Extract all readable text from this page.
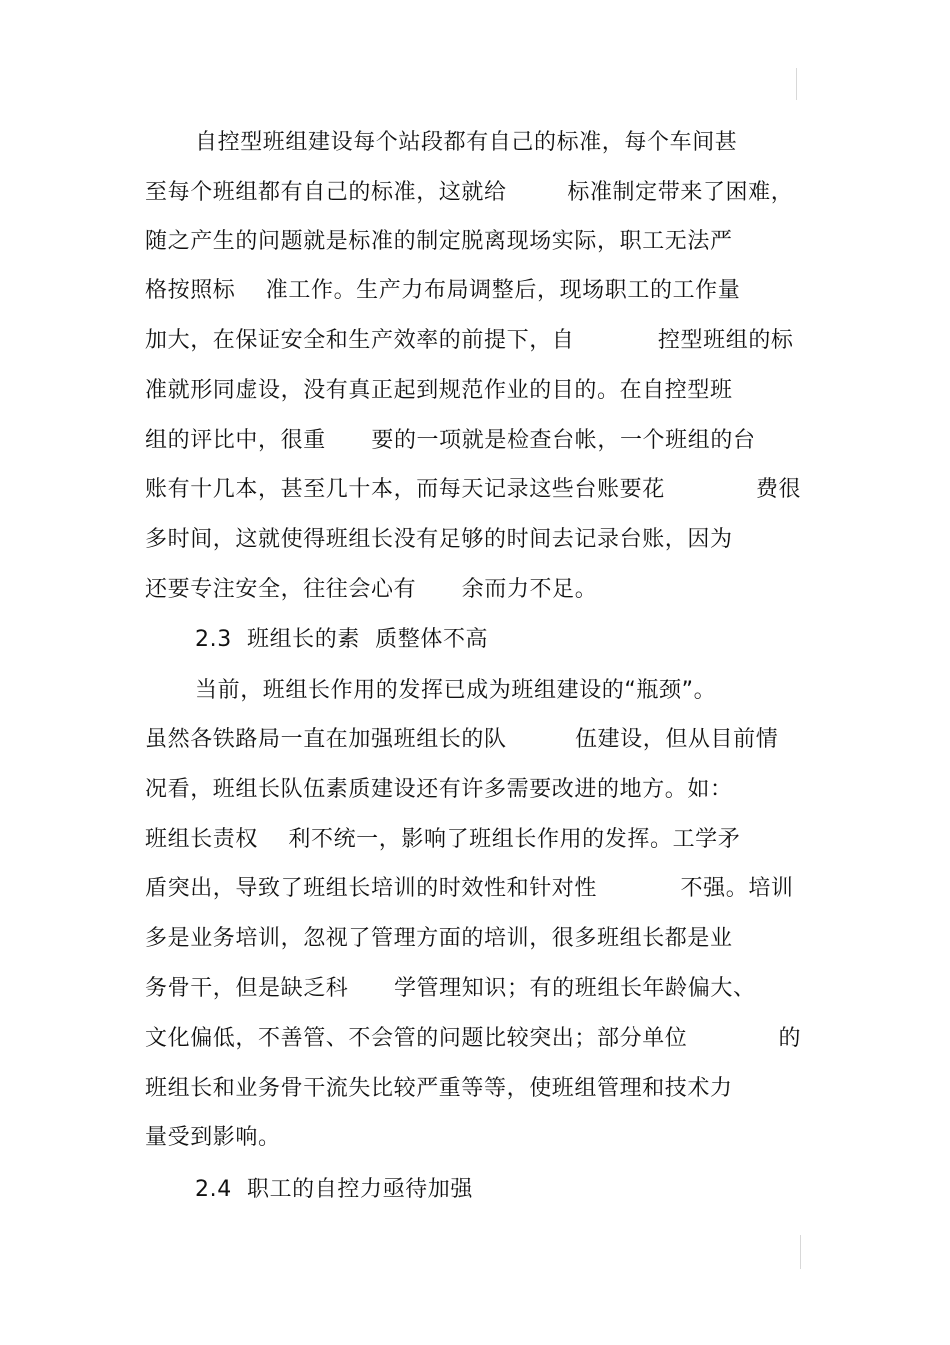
自控型班组建设每个站段都有自己的标准，每个车间甚
至每个班组都有自己的标准，这就给        标准制定带来了困难，
随之产生的问题就是标准的制定脱离现场实际，职工无法严
格按照标    准工作。生产力布局调整后，现场职工的工作量
加大，在保证安全和生产效率的前提下，自           控型班组的标
准就形同虚设，没有真正起到规范作业的目的。在自控型班
组的评比中，很重      要的一项就是检查台帐，一个班组的台
账有十几本，甚至几十本，而每天记录这些台账要花            费很
多时间，这就使得班组长没有足够的时间去记录台账，因为
还要专注安全，往往会心有      余而力不足。
2.3  班组长的素  质整体不高
当前，班组长作用的发挥已成为班组建设的“瓶颈”。
虽然各铁路局一直在加强班组长的队         伍建设，但从目前情
况看，班组长队伍素质建设还有许多需要改进的地方。如：
班组长责权    利不统一，影响了班组长作用的发挥。工学矛
盾突出，导致了班组长培训的时效性和针对性           不强。培训
多是业务培训，忽视了管理方面的培训，很多班组长都是业
务骨干，但是缺乏科      学管理知识；有的班组长年龄偏大、
文化偏低，不善管、不会管的问题比较突出；部分单位            的
班组长和业务骨干流失比较严重等等，使班组管理和技术力
量受到影响。
2.4  职工的自控力亟待加强
